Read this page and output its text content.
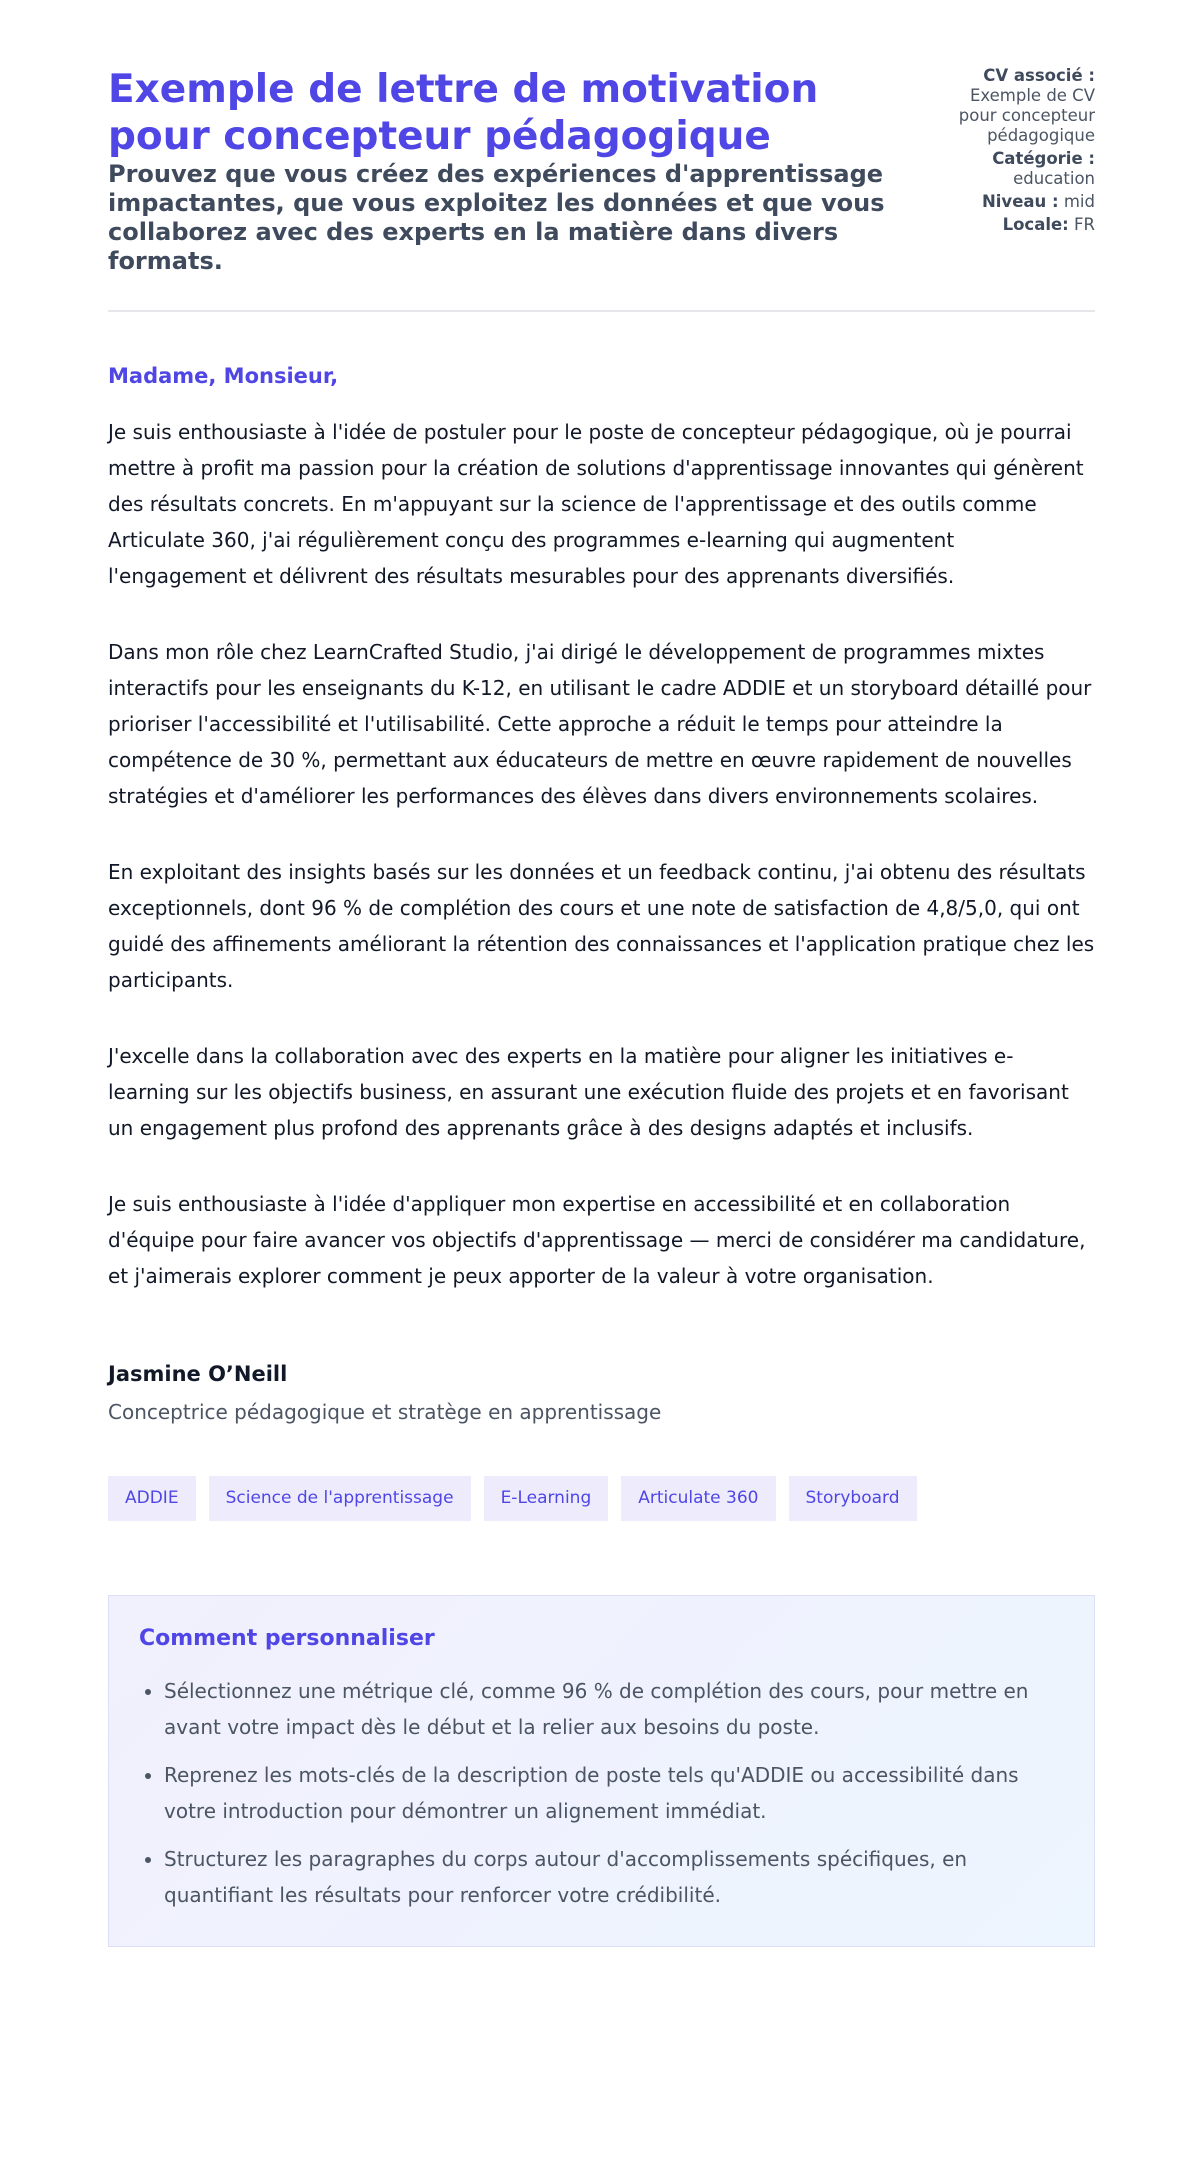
Exemple de lettre de motivation pour concepteur pédagogique
Prouvez que vous créez des expériences d'apprentissage impactantes, que vous exploitez les données et que vous collaborez avec des experts en la matière dans divers formats.
CV associé :
Exemple de CV pour concepteur pédagogique
Catégorie :
education
Niveau : mid
Locale: FR
Madame, Monsieur,

Je suis enthousiaste à l'idée de postuler pour le poste de concepteur pédagogique, où je pourrai mettre à profit ma passion pour la création de solutions d'apprentissage innovantes qui génèrent des résultats concrets. En m'appuyant sur la science de l'apprentissage et des outils comme Articulate 360, j'ai régulièrement conçu des programmes e-learning qui augmentent l'engagement et délivrent des résultats mesurables pour des apprenants diversifiés.

Dans mon rôle chez LearnCrafted Studio, j'ai dirigé le développement de programmes mixtes interactifs pour les enseignants du K-12, en utilisant le cadre ADDIE et un storyboard détaillé pour prioriser l'accessibilité et l'utilisabilité. Cette approche a réduit le temps pour atteindre la compétence de 30 %, permettant aux éducateurs de mettre en œuvre rapidement de nouvelles stratégies et d'améliorer les performances des élèves dans divers environnements scolaires.

En exploitant des insights basés sur les données et un feedback continu, j'ai obtenu des résultats exceptionnels, dont 96 % de complétion des cours et une note de satisfaction de 4,8/5,0, qui ont guidé des affinements améliorant la rétention des connaissances et l'application pratique chez les participants.

J'excelle dans la collaboration avec des experts en la matière pour aligner les initiatives e-learning sur les objectifs business, en assurant une exécution fluide des projets et en favorisant un engagement plus profond des apprenants grâce à des designs adaptés et inclusifs.

Je suis enthousiaste à l'idée d'appliquer mon expertise en accessibilité et en collaboration d'équipe pour faire avancer vos objectifs d'apprentissage — merci de considérer ma candidature, et j'aimerais explorer comment je peux apporter de la valeur à votre organisation.

Jasmine O’Neill
Conceptrice pédagogique et stratège en apprentissage
ADDIE	Science de l'apprentissage	E-Learning	Articulate 360	Storyboard
Comment personnaliser
• Sélectionnez une métrique clé, comme 96 % de complétion des cours, pour mettre en avant votre impact dès le début et la relier aux besoins du poste.
• Reprenez les mots-clés de la description de poste tels qu'ADDIE ou accessibilité dans votre introduction pour démontrer un alignement immédiat.
• Structurez les paragraphes du corps autour d'accomplissements spécifiques, en quantifiant les résultats pour renforcer votre crédibilité.
